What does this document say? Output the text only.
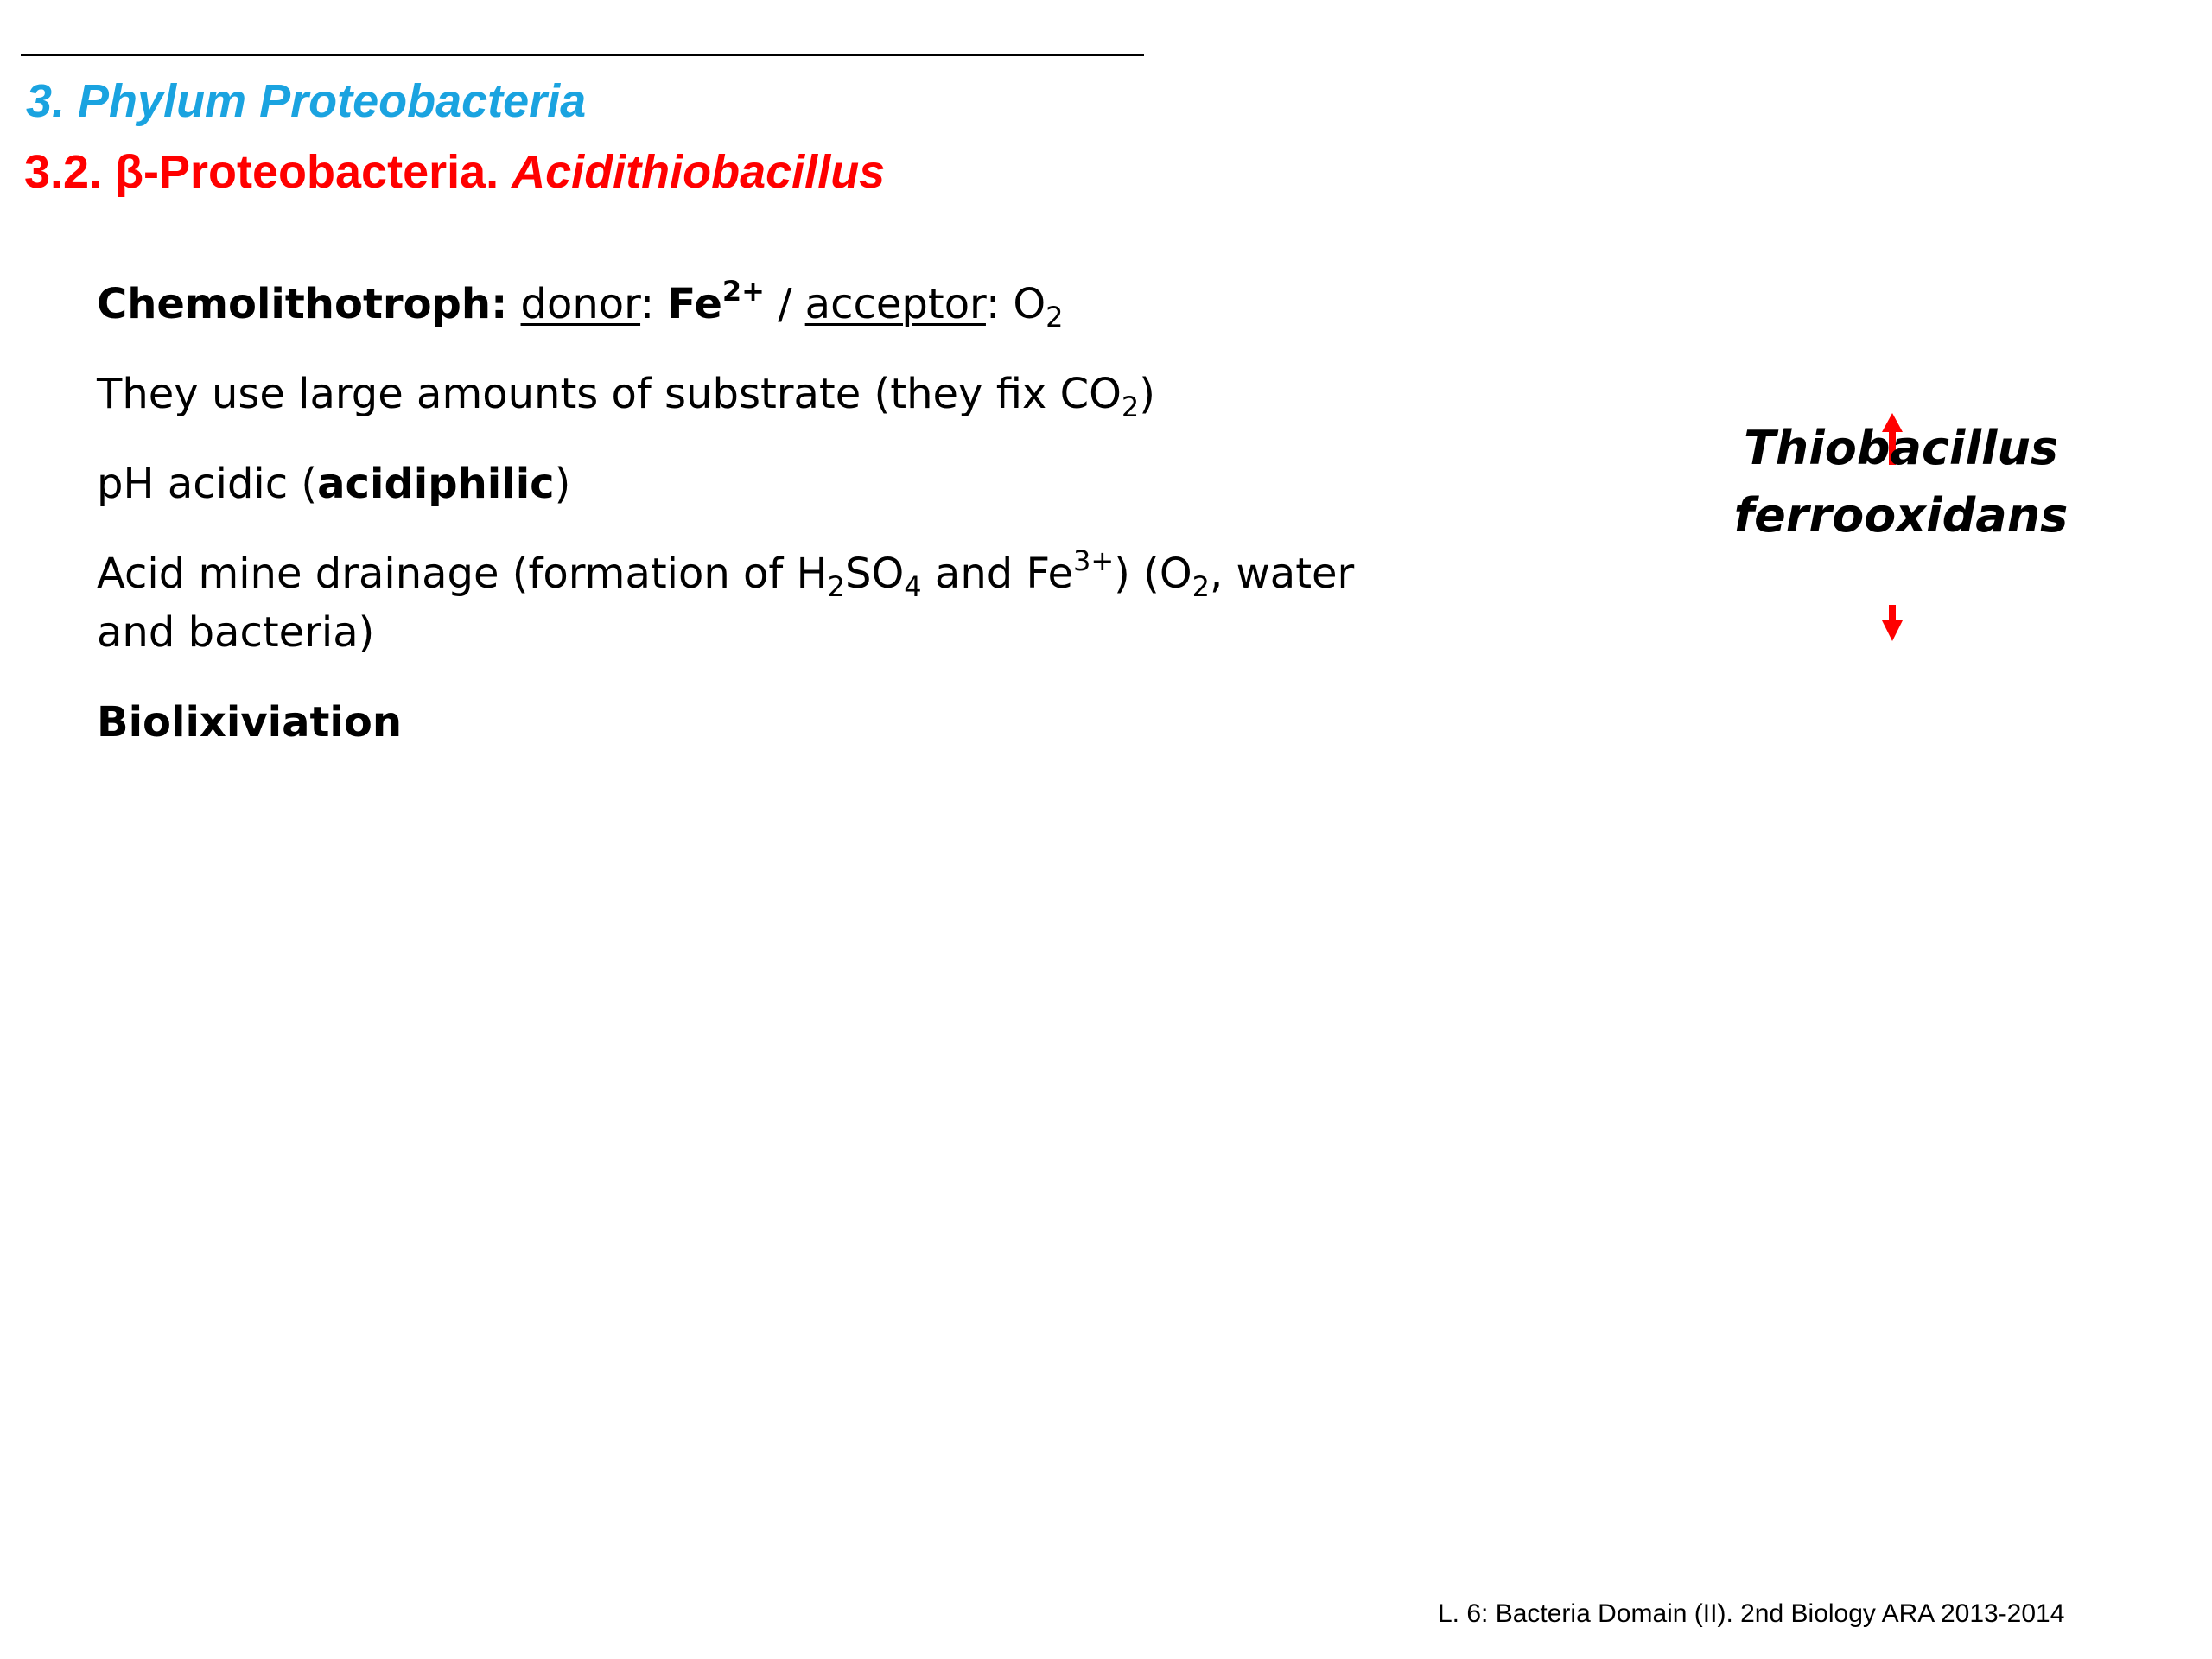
3. Phylum Proteobacteria
3.2. β-Proteobacteria. Acidithiobacillus
Chemolithotroph: donor: $Fe^{2+}$ / acceptor: $O_2$
They use large amounts of substrate (they fix $CO_2$)
pH acidic (acidiphilic)
Acid mine drainage (formation of $H_2SO_4$ and $Fe^{3+}$) ($O_2$, water and bacteria)
Biolixiviation
Thiobacillus
ferrooxidans
L. 6: Bacteria Domain (II). 2nd Biology ARA 2013-2014
